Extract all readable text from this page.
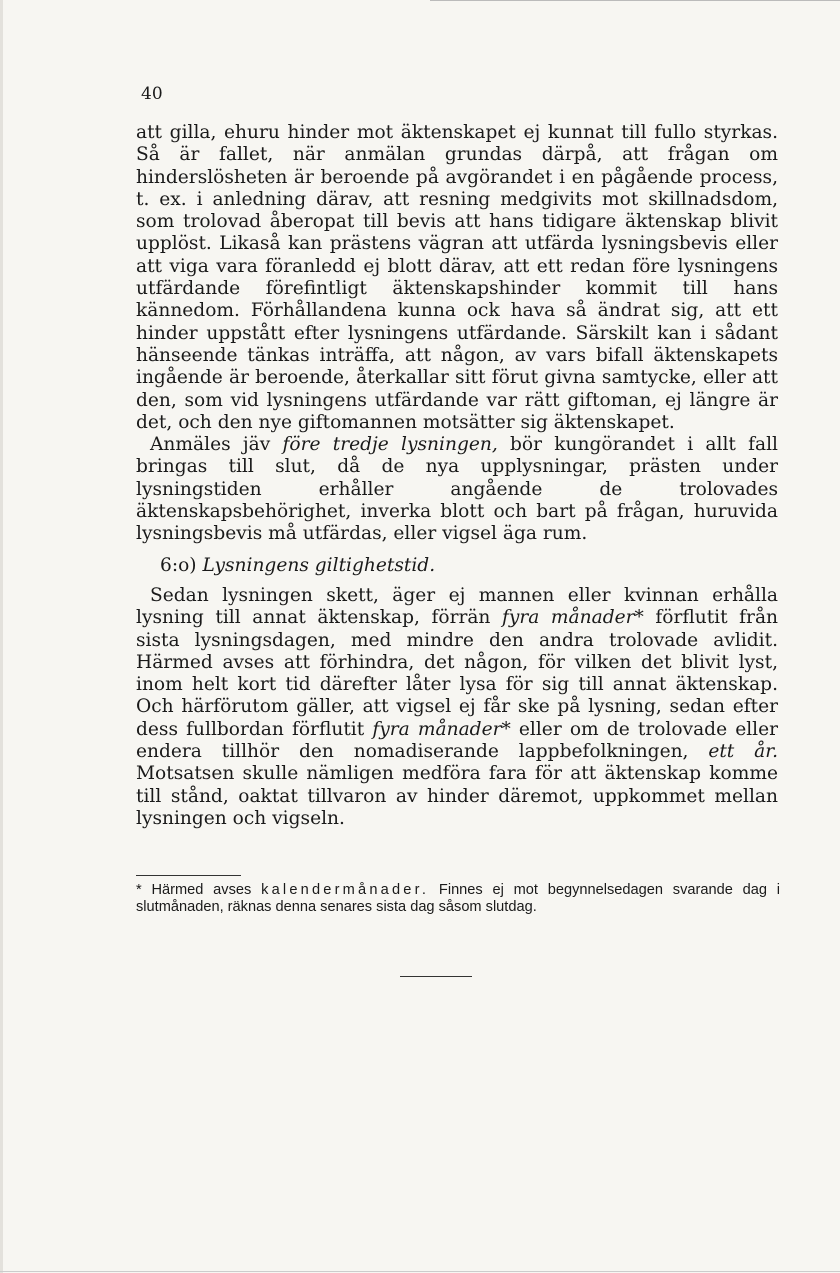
40

att gilla, ehuru hinder mot äktenskapet ej kunnat till fullo styrkas. Så är fallet, när anmälan grundas därpå, att frågan om hinderslösheten är beroende på avgörandet i en pågående process, t. ex. i anledning därav, att resning medgivits mot skillnadsdom, som trolovad åberopat till bevis att hans tidigare äktenskap blivit upplöst. Likaså kan prästens vägran att utfärda lysningsbevis eller att viga vara föranledd ej blott därav, att ett redan före lysningens utfärdande förefintligt äktenskapshinder kommit till hans kännedom. Förhållandena kunna ock hava så ändrat sig, att ett hinder uppstått efter lysningens utfärdande. Särskilt kan i sådant hänseende tänkas inträffa, att någon, av vars bifall äktenskapets ingående är beroende, återkallar sitt förut givna samtycke, eller att den, som vid lysningens utfärdande var rätt giftoman, ej längre är det, och den nye giftomannen motsätter sig äktenskapet.

Anmäles jäv före tredje lysningen, bör kungörandet i allt fall bringas till slut, då de nya upplysningar, prästen under lysningstiden erhåller angående de trolovades äktenskapsbehörighet, inverka blott och bart på frågan, huruvida lysningsbevis må utfärdas, eller vigsel äga rum.

6:o) Lysningens giltighetstid.

Sedan lysningen skett, äger ej mannen eller kvinnan erhålla lysning till annat äktenskap, förrän fyra månader* förflutit från sista lysningsdagen, med mindre den andra trolovade avlidit. Härmed avses att förhindra, det någon, för vilken det blivit lyst, inom helt kort tid därefter låter lysa för sig till annat äktenskap. Och härförutom gäller, att vigsel ej får ske på lysning, sedan efter dess fullbordan förflutit fyra månader* eller om de trolovade eller endera tillhör den nomadiserande lappbefolkningen, ett år. Motsatsen skulle nämligen medföra fara för att äktenskap komme till stånd, oaktat tillvaron av hinder däremot, uppkommet mellan lysningen och vigseln.

* Härmed avses kalendermånader. Finnes ej mot begynnelsedagen svarande dag i slutmånaden, räknas denna senares sista dag såsom slutdag.
